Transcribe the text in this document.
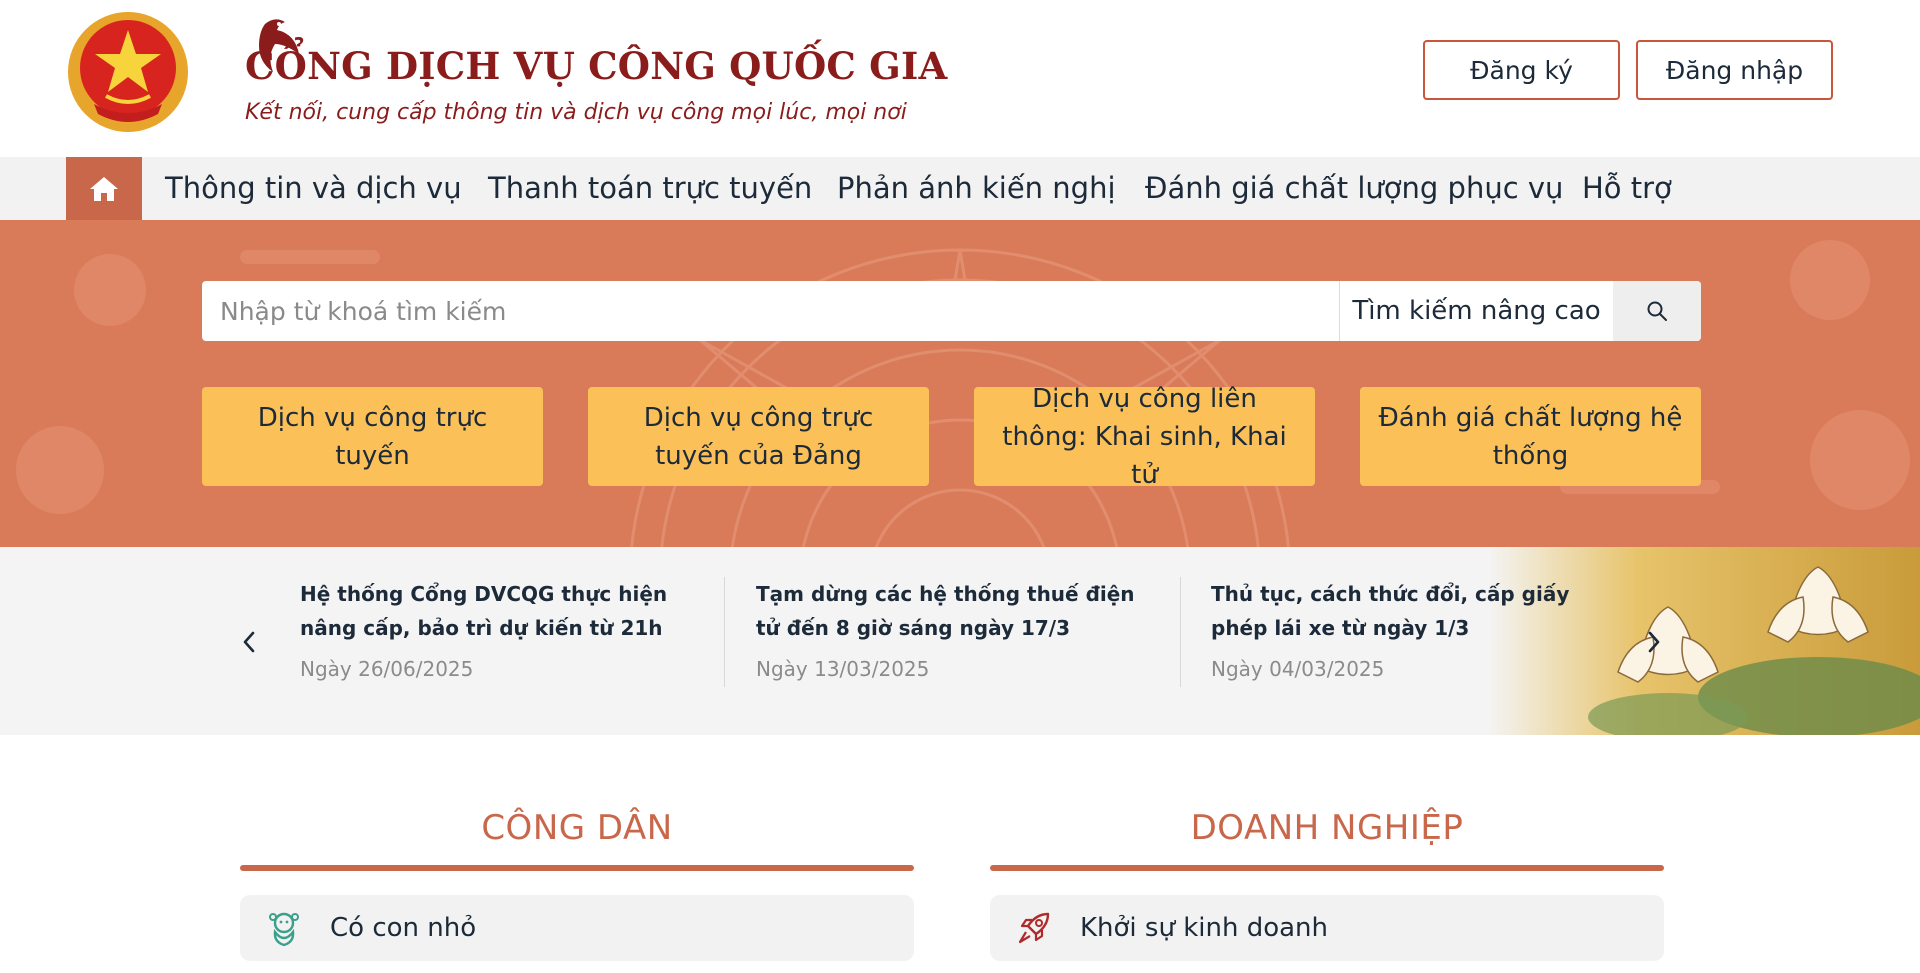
CỔNG DỊCH VỤ CÔNG QUỐC GIA
Kết nối, cung cấp thông tin và dịch vụ công mọi lúc, mọi nơi
Đăng ký	Đăng nhập
Thông tin và dịch vụ Thanh toán trực tuyến Phản ánh kiến nghị Đánh giá chất lượng phục vụ Hỗ trợ
Nhập từ khoá tìm kiếm
Tìm kiếm nâng cao
Dịch vụ công trực tuyến
Dịch vụ công trực tuyến của Đảng
Dịch vụ công liên thông: Khai sinh, Khai tử
Đánh giá chất lượng hệ thống
Hệ thống Cổng DVCQG thực hiện nâng cấp, bảo trì dự kiến từ 21h
Ngày 26/06/2025
Tạm dừng các hệ thống thuế điện tử đến 8 giờ sáng ngày 17/3
Ngày 13/03/2025
Thủ tục, cách thức đổi, cấp giấy phép lái xe từ ngày 1/3
Ngày 04/03/2025
CÔNG DÂN
Có con nhỏ
DOANH NGHIỆP
Khởi sự kinh doanh
